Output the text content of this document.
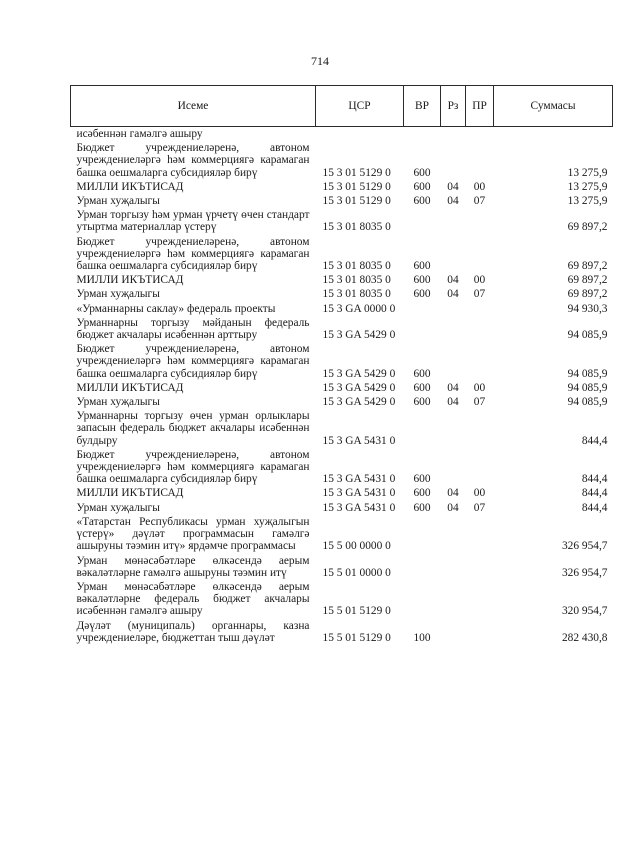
714
Исеме	ЦСР	ВР	Рз	ПР	Суммасы
исәбеннән гамәлгә ашыру					
Бюджет учреждениеләренә, автоном учреждениеләргә һәм коммерциягә карамаган башка оешмаларга субсидияләр бирү	15 3 01 5129 0	600			13 275,9
МИЛЛИ ИКЪТИСАД	15 3 01 5129 0	600	04	00	13 275,9
Урман хуҗалыгы	15 3 01 5129 0	600	04	07	13 275,9
Урман торгызу һәм урман үрчетү өчен стандарт утыртма материаллар үстерү	15 3 01 8035 0				69 897,2
Бюджет учреждениеләренә, автоном учреждениеләргә һәм коммерциягә карамаган башка оешмаларга субсидияләр бирү	15 3 01 8035 0	600			69 897,2
МИЛЛИ ИКЪТИСАД	15 3 01 8035 0	600	04	00	69 897,2
Урман хуҗалыгы	15 3 01 8035 0	600	04	07	69 897,2
«Урманнарны саклау» федераль проекты	15 3 GA 0000 0				94 930,3
Урманнарны торгызу мәйданын федераль бюджет акчалары исәбеннән арттыру	15 3 GA 5429 0				94 085,9
Бюджет учреждениеләренә, автоном учреждениеләргә һәм коммерциягә карамаган башка оешмаларга субсидияләр бирү	15 3 GA 5429 0	600			94 085,9
МИЛЛИ ИКЪТИСАД	15 3 GA 5429 0	600	04	00	94 085,9
Урман хуҗалыгы	15 3 GA 5429 0	600	04	07	94 085,9
Урманнарны торгызу өчен урман орлыклары запасын федераль бюджет акчалары исәбеннән булдыру	15 3 GA 5431 0				844,4
Бюджет учреждениеләренә, автоном учреждениеләргә һәм коммерциягә карамаган башка оешмаларга субсидияләр бирү	15 3 GA 5431 0	600			844,4
МИЛЛИ ИКЪТИСАД	15 3 GA 5431 0	600	04	00	844,4
Урман хуҗалыгы	15 3 GA 5431 0	600	04	07	844,4
«Татарстан Республикасы урман хуҗалыгын үстерү» дәүләт программасын гамәлгә ашыруны тәэмин итү» ярдәмче программасы	15 5 00 0000 0				326 954,7
Урман мөнәсәбәтләре өлкәсендә аерым вәкаләтләрне гамәлгә ашыруны тәэмин итү	15 5 01 0000 0				326 954,7
Урман мөнәсәбәтләре өлкәсендә аерым вәкаләтләрне федераль бюджет акчалары исәбеннән гамәлгә ашыру	15 5 01 5129 0				320 954,7
Дәүләт (муниципаль) органнары, казна учреждениеләре, бюджеттан тыш дәүләт	15 5 01 5129 0	100			282 430,8
